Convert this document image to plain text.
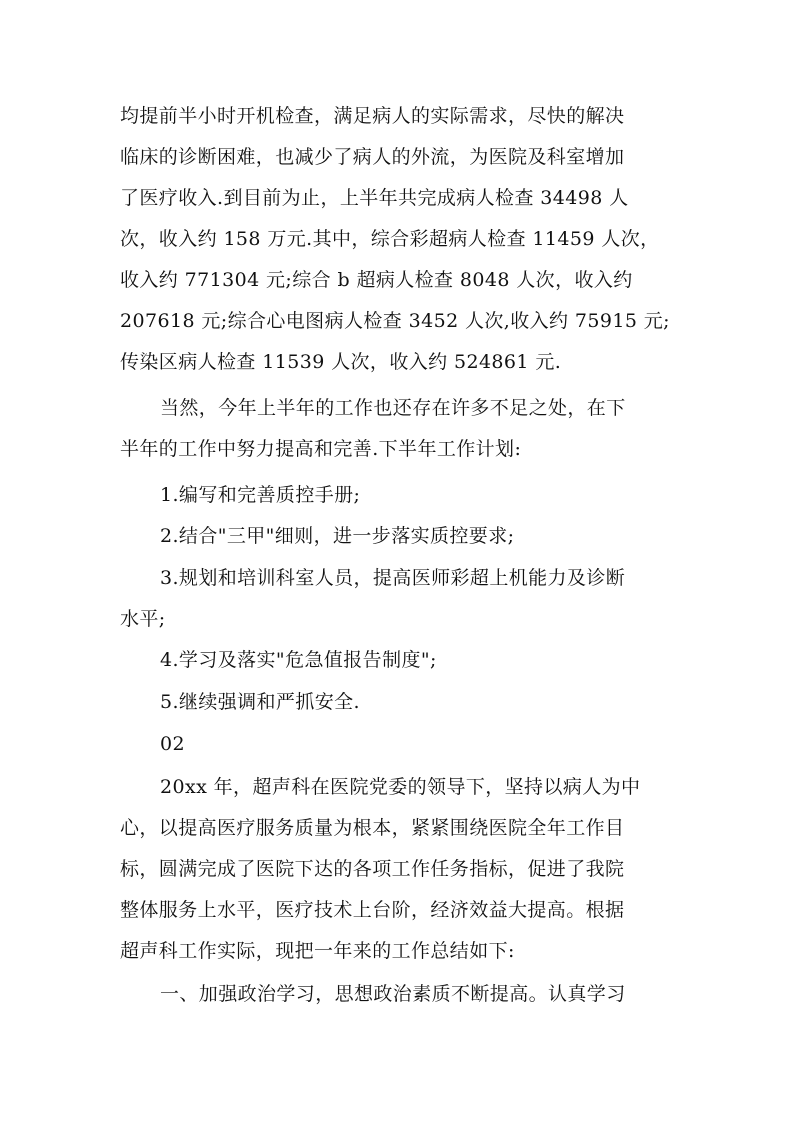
均提前半小时开机检查，满足病人的实际需求，尽快的解决
临床的诊断困难，也减少了病人的外流，为医院及科室增加
了医疗收入.到目前为止，上半年共完成病人检查 34498 人
次，收入约 158 万元.其中，综合彩超病人检查 11459 人次，
收入约 771304 元;综合 b 超病人检查 8048 人次，收入约
207618 元;综合心电图病人检查 3452 人次,收入约 75915 元;
传染区病人检查 11539 人次，收入约 524861 元.
当然，今年上半年的工作也还存在许多不足之处，在下
半年的工作中努力提高和完善.下半年工作计划:
1.编写和完善质控手册;
2.结合"三甲"细则，进一步落实质控要求;
3.规划和培训科室人员，提高医师彩超上机能力及诊断
水平;
4.学习及落实"危急值报告制度";
5.继续强调和严抓安全.
02
20xx 年，超声科在医院党委的领导下，坚持以病人为中
心，以提高医疗服务质量为根本，紧紧围绕医院全年工作目
标，圆满完成了医院下达的各项工作任务指标，促进了我院
整体服务上水平，医疗技术上台阶，经济效益大提高。根据
超声科工作实际，现把一年来的工作总结如下:
一、加强政治学习，思想政治素质不断提高。认真学习
